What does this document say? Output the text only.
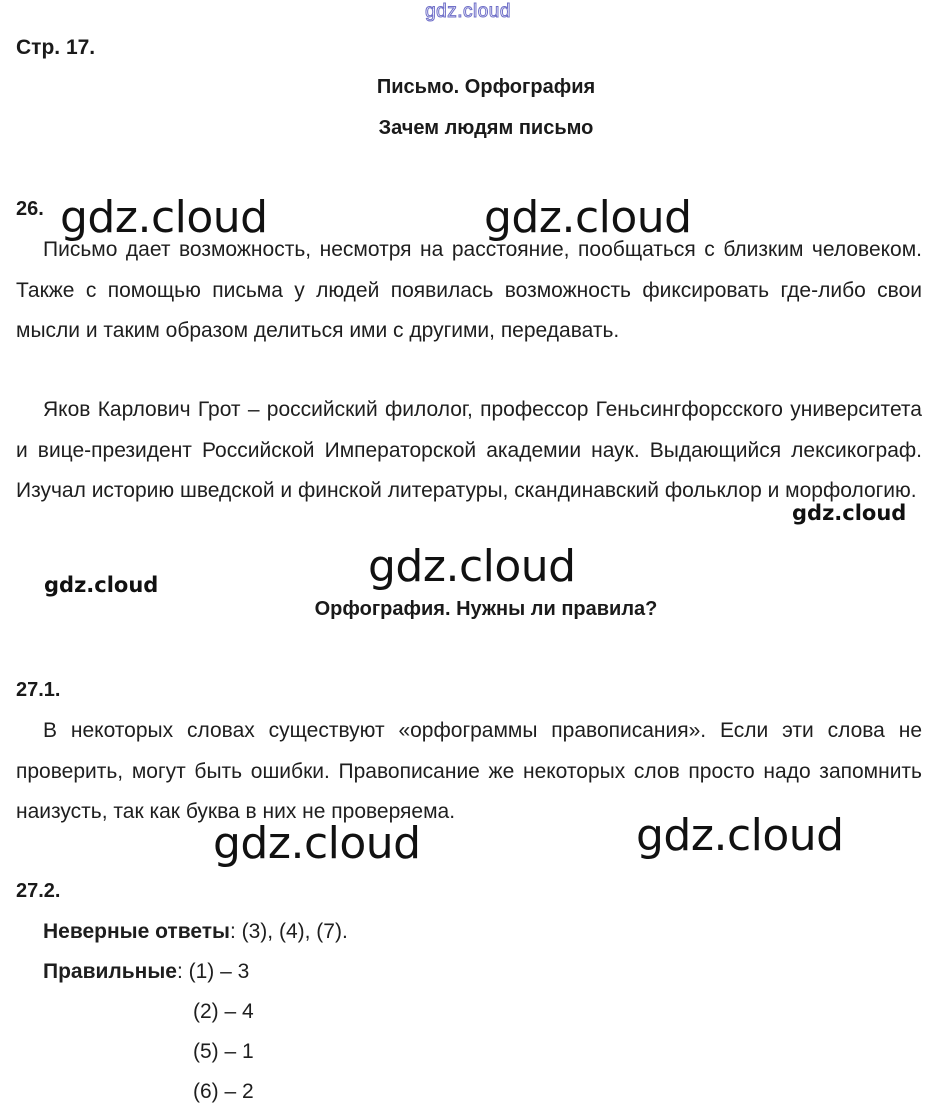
gdz.cloud
Стр. 17.
Письмо. Орфография
Зачем людям письмо
26.
Письмо дает возможность, несмотря на расстояние, пообщаться с близким человеком. Также с помощью письма у людей появилась возможность фиксировать где-либо свои мысли и таким образом делиться ими с другими, передавать.
Яков Карлович Грот – российский филолог, профессор Геньсингфорсского университета и вице-президент Российской Императорской академии наук. Выдающийся лексикограф. Изучал историю шведской и финской литературы, скандинавский фольклор и морфологию.
Орфография. Нужны ли правила?
27.1.
В некоторых словах существуют «орфограммы правописания». Если эти слова не проверить, могут быть ошибки. Правописание же некоторых слов просто надо запомнить наизусть, так как буква в них не проверяема.
27.2.
Неверные ответы: (3), (4), (7).
Правильные: (1) – 3
(2) – 4
(5) – 1
(6) – 2
gdz.cloud	gdz.cloud
gdz.cloud
gdz.cloud
gdz.cloud
gdz.cloud	gdz.cloud
